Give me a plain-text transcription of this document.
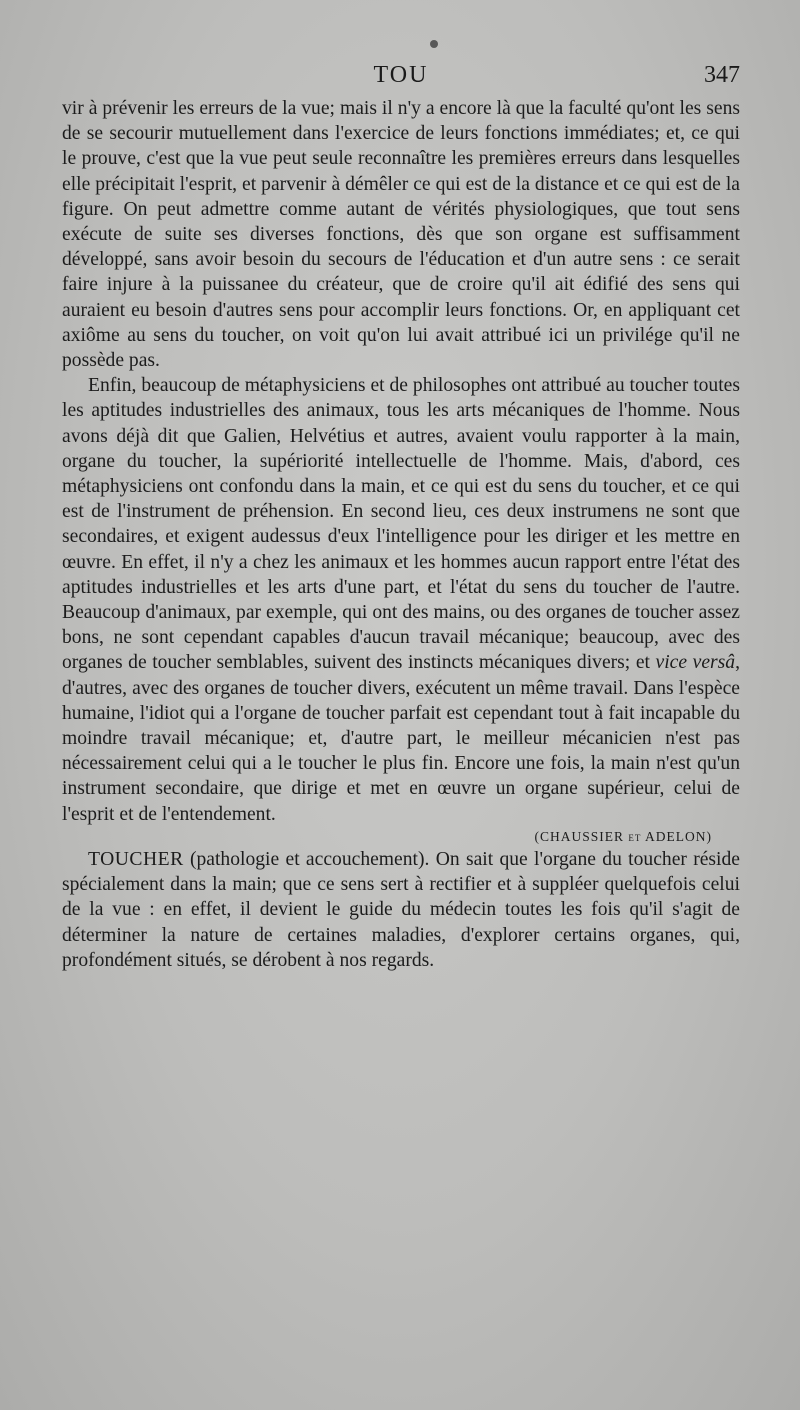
TOU	347

vir à prévenir les erreurs de la vue; mais il n'y a encore là que la faculté qu'ont les sens de se secourir mutuellement dans l'exercice de leurs fonctions immédiates; et, ce qui le prouve, c'est que la vue peut seule reconnaître les premières erreurs dans lesquelles elle précipitait l'esprit, et parvenir à démêler ce qui est de la distance et ce qui est de la figure. On peut admettre comme autant de vérités physiologiques, que tout sens exécute de suite ses diverses fonctions, dès que son organe est suffisamment développé, sans avoir besoin du secours de l'éducation et d'un autre sens : ce serait faire injure à la puissanee du créateur, que de croire qu'il ait édifié des sens qui auraient eu besoin d'autres sens pour accomplir leurs fonctions. Or, en appliquant cet axiôme au sens du toucher, on voit qu'on lui avait attribué ici un privilége qu'il ne possède pas.

Enfin, beaucoup de métaphysiciens et de philosophes ont attribué au toucher toutes les aptitudes industrielles des animaux, tous les arts mécaniques de l'homme. Nous avons déjà dit que Galien, Helvétius et autres, avaient voulu rapporter à la main, organe du toucher, la supériorité intellectuelle de l'homme. Mais, d'abord, ces métaphysiciens ont confondu dans la main, et ce qui est du sens du toucher, et ce qui est de l'instrument de préhension. En second lieu, ces deux instrumens ne sont que secondaires, et exigent audessus d'eux l'intelligence pour les diriger et les mettre en œuvre. En effet, il n'y a chez les animaux et les hommes aucun rapport entre l'état des aptitudes industrielles et les arts d'une part, et l'état du sens du toucher de l'autre. Beaucoup d'animaux, par exemple, qui ont des mains, ou des organes de toucher assez bons, ne sont cependant capables d'aucun travail mécanique; beaucoup, avec des organes de toucher semblables, suivent des instincts mécaniques divers; et vice versâ, d'autres, avec des organes de toucher divers, exécutent un même travail. Dans l'espèce humaine, l'idiot qui a l'organe de toucher parfait est cependant tout à fait incapable du moindre travail mécanique; et, d'autre part, le meilleur mécanicien n'est pas nécessairement celui qui a le toucher le plus fin. Encore une fois, la main n'est qu'un instrument secondaire, que dirige et met en œuvre un organe supérieur, celui de l'esprit et de l'entendement.

(CHAUSSIER et ADELON)

TOUCHER (pathologie et accouchement). On sait que l'organe du toucher réside spécialement dans la main; que ce sens sert à rectifier et à suppléer quelquefois celui de la vue : en effet, il devient le guide du médecin toutes les fois qu'il s'agit de déterminer la nature de certaines maladies, d'explorer certains organes, qui, profondément situés, se dérobent à nos regards.
